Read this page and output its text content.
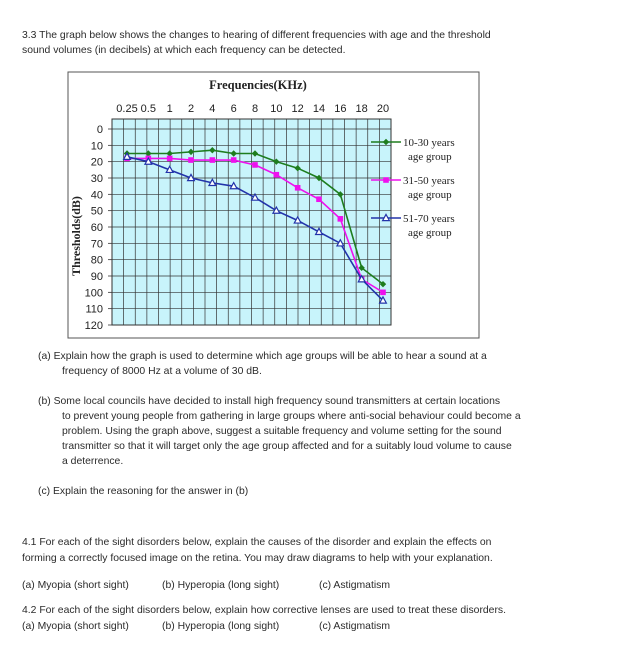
3.3 The graph below shows the changes to hearing of different frequencies with age and the threshold
sound volumes (in decibels) at which each frequency can be detected.
0.25 0.5 1 2 4 6 8 10 12 14 16 18 20
0
10
20
30
40
50
60
70
80
90
100
110
120
Frequencies(KHz)
Thresholds(dB)
10-30 years
age group
31-50 years
age group
51-70 years
age group
(a) Explain how the graph is used to determine which age groups will be able to hear a sound at a
frequency of 8000 Hz at a volume of 30 dB.
(b) Some local councils have decided to install high frequency sound transmitters at certain locations
to prevent young people from gathering in large groups where anti-social behaviour could become a
problem. Using the graph above, suggest a suitable frequency and volume setting for the sound
transmitter so that it will target only the age group affected and for a suitably loud volume to cause
a deterrence.
(c) Explain the reasoning for the answer in (b)
4.1 For each of the sight disorders below, explain the causes of the disorder and explain the effects on
forming a correctly focused image on the retina. You may draw diagrams to help with your explanation.
(a) Myopia (short sight)	(b) Hyperopia (long sight)	(c) Astigmatism
4.2 For each of the sight disorders below, explain how corrective lenses are used to treat these disorders.
(a) Myopia (short sight)	(b) Hyperopia (long sight)	(c) Astigmatism
